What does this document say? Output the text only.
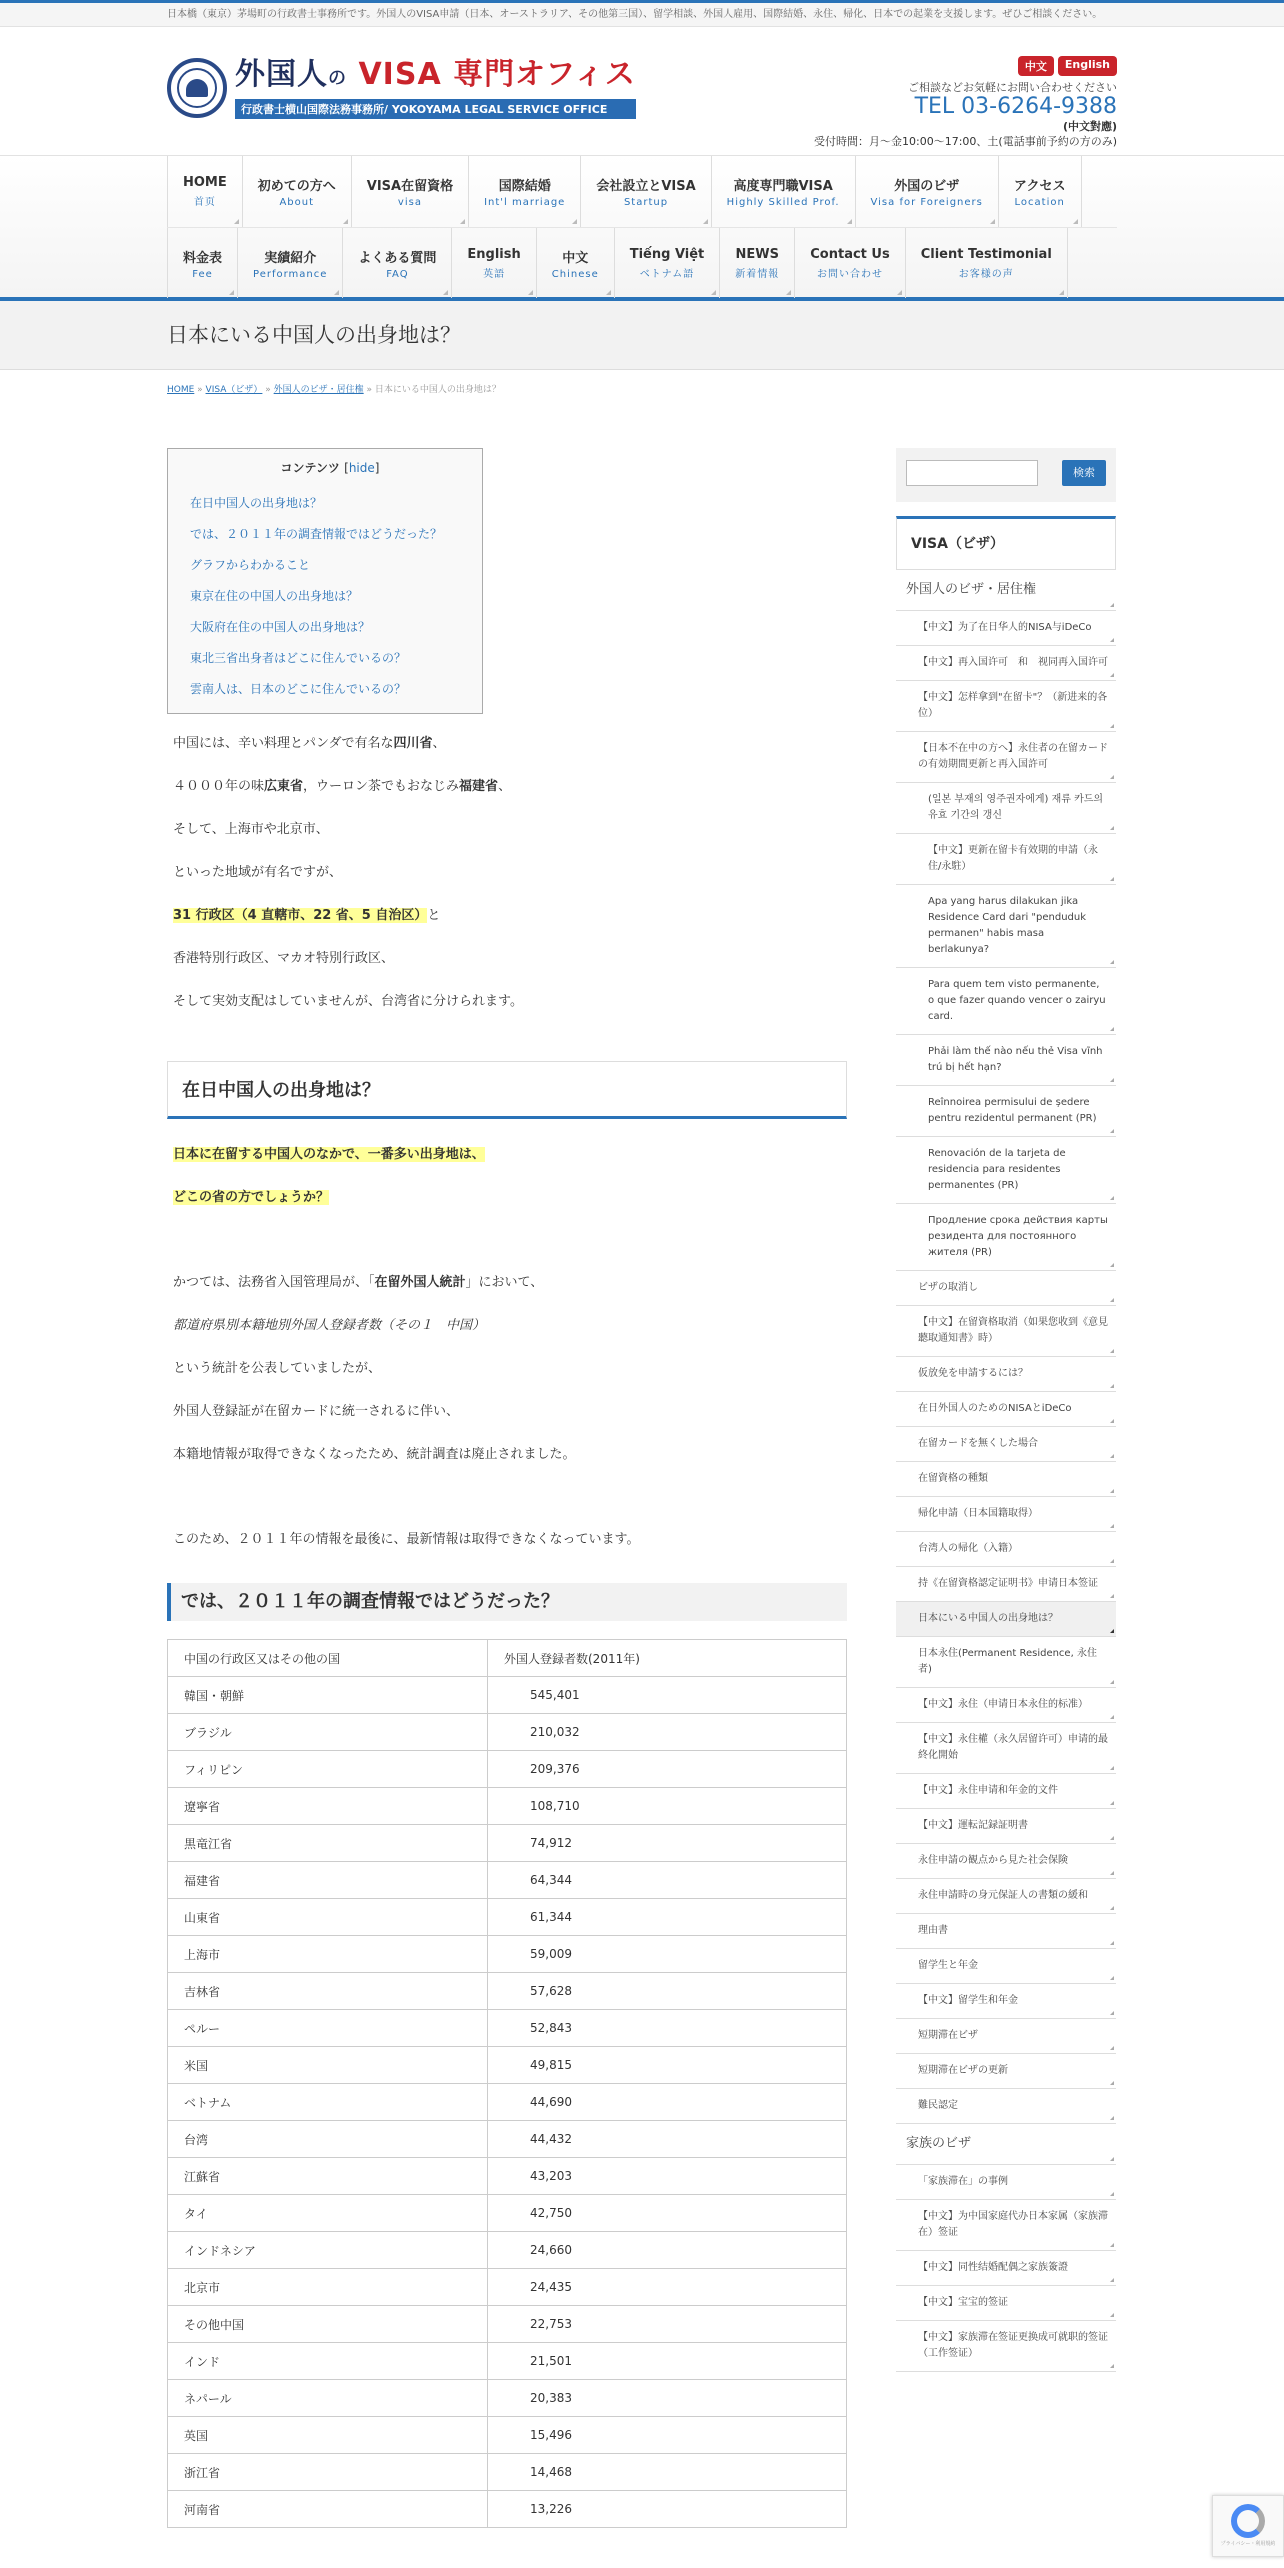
日本橋（東京）茅場町の行政書士事務所です。外国人のVISA申請（日本、オーストラリア、その他第三国）、留学相談、外国人雇用、国際結婚、永住、帰化、日本での起業を支援します。ぜひご相談ください。
外国人の VISA 専門オフィス
行政書士横山国際法務事務所/ YOKOYAMA LEGAL SERVICE OFFICE
中文	English
ご相談などお気軽にお問い合わせください
TEL 03-6264-9388
(中文對應)
受付時間：月～金10:00〜17:00、土(電話事前予約の方のみ)
HOME
首页
初めての方へ
About
VISA在留資格
visa
国際結婚
Int'l marriage
会社設立とVISA
Startup
高度専門職VISA
Highly Skilled Prof.
外国のビザ
Visa for Foreigners
アクセス
Location
料金表
Fee
実績紹介
Performance
よくある質問
FAQ
English
英語
中文
Chinese
Tiếng Việt
ベトナム語
NEWS
新着情報
Contact Us
お問い合わせ
Client Testimonial
お客様の声
日本にいる中国人の出身地は？
HOME » VISA（ビザ） » 外国人のビザ・居住権 » 日本にいる中国人の出身地は？
コンテンツ [hide]
在日中国人の出身地は？
では、２０１１年の調査情報ではどうだった？
グラフからわかること
東京在住の中国人の出身地は？
大阪府在住の中国人の出身地は？
東北三省出身者はどこに住んでいるの？
雲南人は、日本のどこに住んでいるの？

中国には、辛い料理とパンダで有名な四川省、

４０００年の味広東省，ウーロン茶でもおなじみ福建省、

そして、上海市や北京市、

といった地域が有名ですが、

31 行政区（4 直轄市、22 省、5 自治区）と

香港特別行政区、マカオ特別行政区、

そして実効支配はしていませんが、台湾省に分けられます。

在日中国人の出身地は？

日本に在留する中国人のなかで、一番多い出身地は、

どこの省の方でしょうか？

かつては、法務省入国管理局が、「在留外国人統計」において、

都道府県別本籍地別外国人登録者数（その１　中国）

という統計を公表していましたが、

外国人登録証が在留カードに統一されるに伴い、

本籍地情報が取得できなくなったため、統計調査は廃止されました。

このため、２０１１年の情報を最後に、最新情報は取得できなくなっています。

では、２０１１年の調査情報ではどうだった？
中国の行政区又はその他の国	外国人登録者数(2011年)
韓国・朝鮮	545,401
ブラジル	210,032
フィリピン	209,376
遼寧省	108,710
黒竜江省	74,912
福建省	64,344
山東省	61,344
上海市	59,009
吉林省	57,628
ペルー	52,843
米国	49,815
ベトナム	44,690
台湾	44,432
江蘇省	43,203
タイ	42,750
インドネシア	24,660
北京市	24,435
その他中国	22,753
インド	21,501
ネパール	20,383
英国	15,496
浙江省	14,468
河南省	13,226
検索
VISA（ビザ）
外国人のビザ・居住権
【中文】为了在日华人的NISA与iDeCo
【中文】再入国许可　和　视同再入国许可
【中文】怎样拿到"在留卡"？（新进来的各位）
【日本不在中の方へ】永住者の在留カードの有効期間更新と再入国許可
(일본 부재의 영주권자에게) 재류 카드의 유효 기간의 갱신
【中文】更新在留卡有效期的申請（永住/永駐）
Apa yang harus dilakukan jika Residence Card dari "penduduk permanen" habis masa berlakunya?
Para quem tem visto permanente, o que fazer quando vencer o zairyu card.
Phải làm thế nào nếu thẻ Visa vĩnh trú bị hết hạn?
Reînnoirea permisului de ședere pentru rezidentul permanent (PR)
Renovación de la tarjeta de residencia para residentes permanentes (PR)
Продление срока действия карты резидента для постоянного жителя (PR)
ビザの取消し
【中文】在留資格取消（如果您收到《意見聽取通知書》時）
仮放免を申請するには？
在日外国人のためのNISAとiDeCo
在留カードを無くした場合
在留資格の種類
帰化申請（日本国籍取得）
台湾人の帰化（入籍）
持《在留資格認定证明书》申请日本签证
日本にいる中国人の出身地は？
日本永住(Permanent Residence, 永住者)
【中文】永住（申请日本永住的标准）
【中文】永住權（永久居留许可）申请的最終化開始
【中文】永住申请和年金的文件
【中文】運転記録証明書
永住申請の観点から見た社会保険
永住申請時の身元保証人の書類の緩和
理由書
留学生と年金
【中文】留学生和年金
短期滞在ビザ
短期滞在ビザの更新
難民認定
家族のビザ
「家族滞在」の事例
【中文】为中国家庭代办日本家属（家族滞在）签证
【中文】同性结婚配偶之家族簽證
【中文】宝宝的签证
【中文】家族滞在签证更换成可就职的签证（工作签证）
プライバシー・利用規約
